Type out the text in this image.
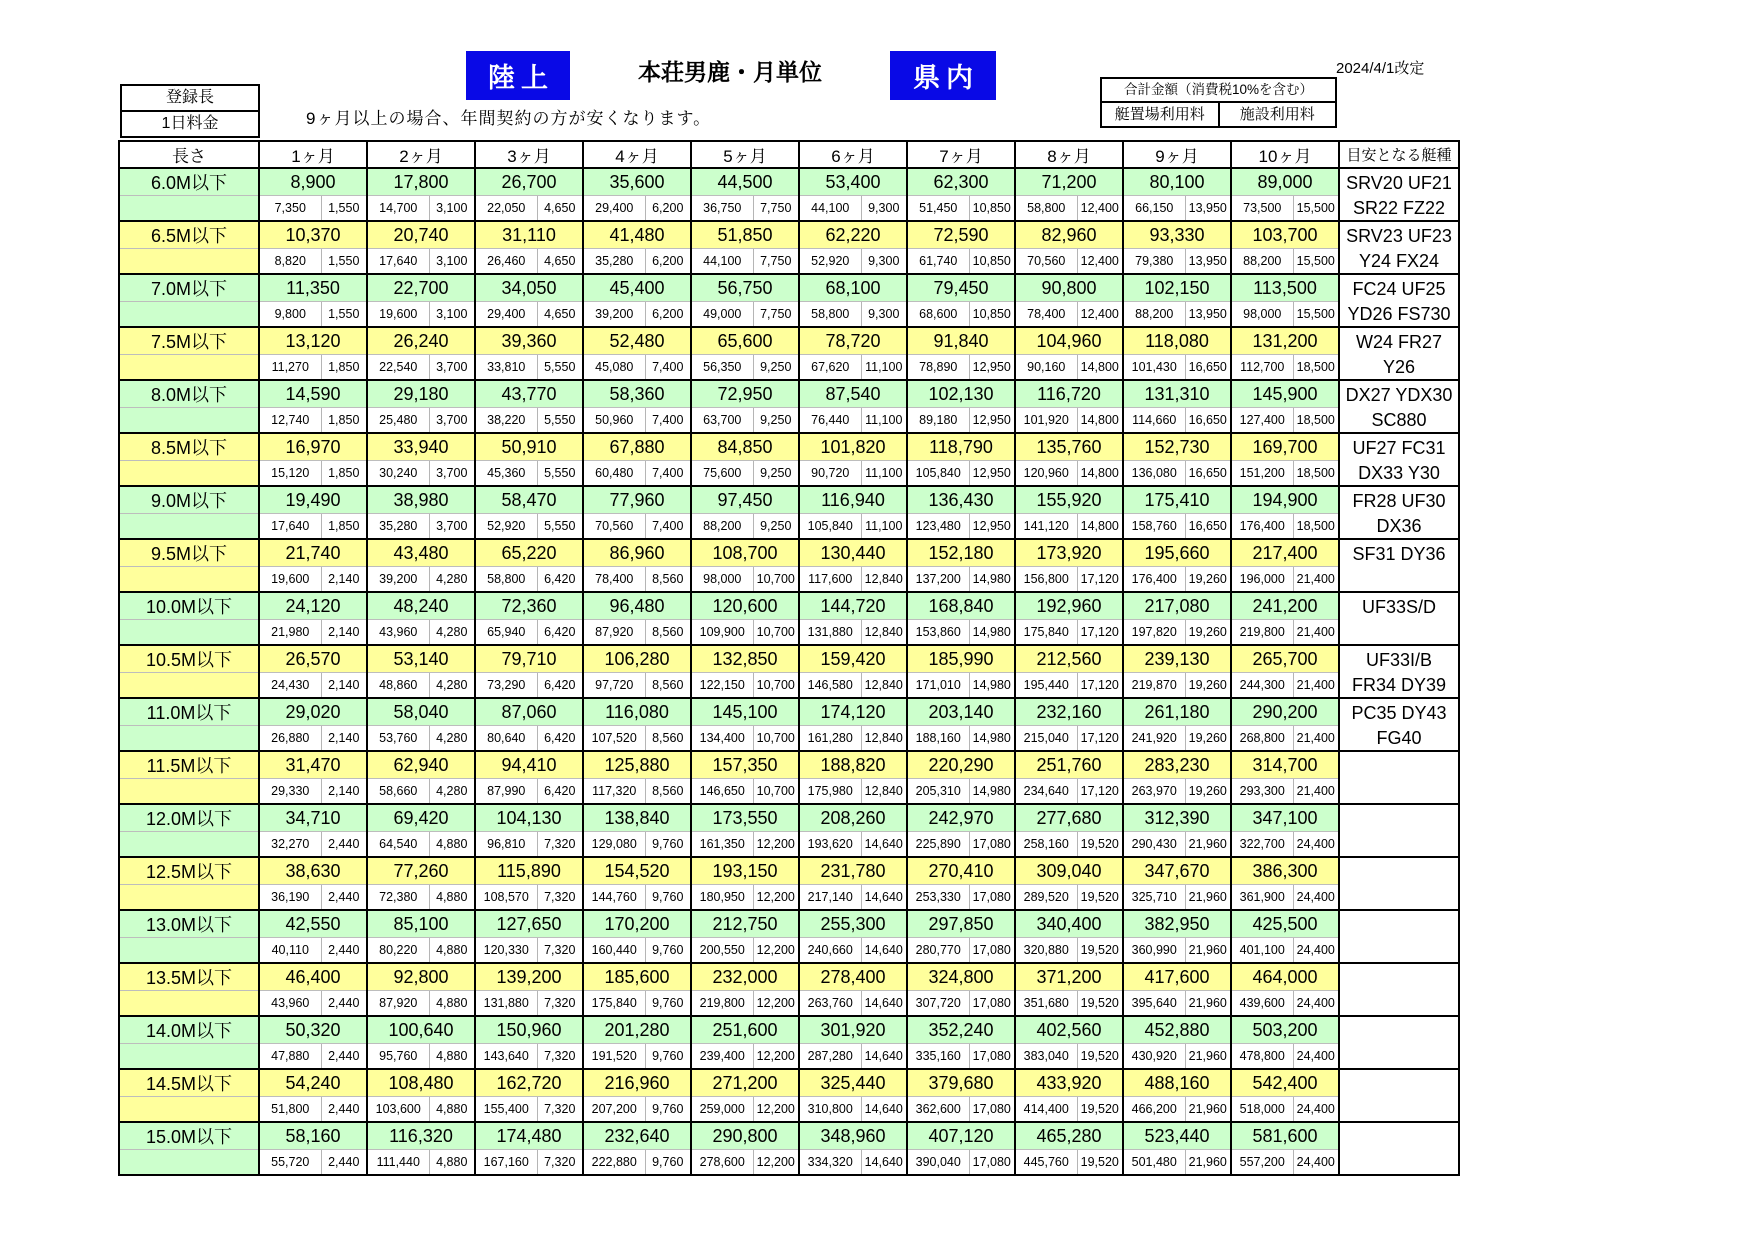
登録長
1日料金
陸上	本荘男鹿・月単位	県内
9ヶ月以上の場合、年間契約の方が安くなります。
2024/4/1改定
合計金額（消費税10%を含む）
艇置場利用料	施設利用料
長さ	1ヶ月		2ヶ月		3ヶ月		4ヶ月		5ヶ月		6ヶ月		7ヶ月		8ヶ月		9ヶ月		10ヶ月		目安となる艇種
6.0M以下	8,900		17,800		26,700		35,600		44,500		53,400		62,300		71,200		80,100		89,000		SRV20 UF21
SR22 FZ22

	7,350	1,550	14,700	3,100	22,050	4,650	29,400	6,200	36,750	7,750	44,100	9,300	51,450	10,850	58,800	12,400	66,150	13,950	73,500	15,500	
6.5M以下	10,370		20,740		31,110		41,480		51,850		62,220		72,590		82,960		93,330		103,700		SRV23 UF23
Y24 FX24

	8,820	1,550	17,640	3,100	26,460	4,650	35,280	6,200	44,100	7,750	52,920	9,300	61,740	10,850	70,560	12,400	79,380	13,950	88,200	15,500	
7.0M以下	11,350		22,700		34,050		45,400		56,750		68,100		79,450		90,800		102,150		113,500		FC24 UF25
YD26 FS730

	9,800	1,550	19,600	3,100	29,400	4,650	39,200	6,200	49,000	7,750	58,800	9,300	68,600	10,850	78,400	12,400	88,200	13,950	98,000	15,500	
7.5M以下	13,120		26,240		39,360		52,480		65,600		78,720		91,840		104,960		118,080		131,200		W24 FR27
Y26

	11,270	1,850	22,540	3,700	33,810	5,550	45,080	7,400	56,350	9,250	67,620	11,100	78,890	12,950	90,160	14,800	101,430	16,650	112,700	18,500	
8.0M以下	14,590		29,180		43,770		58,360		72,950		87,540		102,130		116,720		131,310		145,900		DX27 YDX30
SC880

	12,740	1,850	25,480	3,700	38,220	5,550	50,960	7,400	63,700	9,250	76,440	11,100	89,180	12,950	101,920	14,800	114,660	16,650	127,400	18,500	
8.5M以下	16,970		33,940		50,910		67,880		84,850		101,820		118,790		135,760		152,730		169,700		UF27 FC31
DX33 Y30

	15,120	1,850	30,240	3,700	45,360	5,550	60,480	7,400	75,600	9,250	90,720	11,100	105,840	12,950	120,960	14,800	136,080	16,650	151,200	18,500	
9.0M以下	19,490		38,980		58,470		77,960		97,450		116,940		136,430		155,920		175,410		194,900		FR28 UF30
DX36

	17,640	1,850	35,280	3,700	52,920	5,550	70,560	7,400	88,200	9,250	105,840	11,100	123,480	12,950	141,120	14,800	158,760	16,650	176,400	18,500	
9.5M以下	21,740		43,480		65,220		86,960		108,700		130,440		152,180		173,920		195,660		217,400		SF31 DY36

	19,600	2,140	39,200	4,280	58,800	6,420	78,400	8,560	98,000	10,700	117,600	12,840	137,200	14,980	156,800	17,120	176,400	19,260	196,000	21,400	
10.0M以下	24,120		48,240		72,360		96,480		120,600		144,720		168,840		192,960		217,080		241,200		UF33S/D

	21,980	2,140	43,960	4,280	65,940	6,420	87,920	8,560	109,900	10,700	131,880	12,840	153,860	14,980	175,840	17,120	197,820	19,260	219,800	21,400	
10.5M以下	26,570		53,140		79,710		106,280		132,850		159,420		185,990		212,560		239,130		265,700		UF33I/B
FR34 DY39

	24,430	2,140	48,860	4,280	73,290	6,420	97,720	8,560	122,150	10,700	146,580	12,840	171,010	14,980	195,440	17,120	219,870	19,260	244,300	21,400	
11.0M以下	29,020		58,040		87,060		116,080		145,100		174,120		203,140		232,160		261,180		290,200		PC35 DY43
FG40

	26,880	2,140	53,760	4,280	80,640	6,420	107,520	8,560	134,400	10,700	161,280	12,840	188,160	14,980	215,040	17,120	241,920	19,260	268,800	21,400	
11.5M以下	31,470		62,940		94,410		125,880		157,350		188,820		220,290		251,760		283,230		314,700		

	29,330	2,140	58,660	4,280	87,990	6,420	117,320	8,560	146,650	10,700	175,980	12,840	205,310	14,980	234,640	17,120	263,970	19,260	293,300	21,400	
12.0M以下	34,710		69,420		104,130		138,840		173,550		208,260		242,970		277,680		312,390		347,100		

	32,270	2,440	64,540	4,880	96,810	7,320	129,080	9,760	161,350	12,200	193,620	14,640	225,890	17,080	258,160	19,520	290,430	21,960	322,700	24,400	
12.5M以下	38,630		77,260		115,890		154,520		193,150		231,780		270,410		309,040		347,670		386,300		

	36,190	2,440	72,380	4,880	108,570	7,320	144,760	9,760	180,950	12,200	217,140	14,640	253,330	17,080	289,520	19,520	325,710	21,960	361,900	24,400	
13.0M以下	42,550		85,100		127,650		170,200		212,750		255,300		297,850		340,400		382,950		425,500		

	40,110	2,440	80,220	4,880	120,330	7,320	160,440	9,760	200,550	12,200	240,660	14,640	280,770	17,080	320,880	19,520	360,990	21,960	401,100	24,400	
13.5M以下	46,400		92,800		139,200		185,600		232,000		278,400		324,800		371,200		417,600		464,000		

	43,960	2,440	87,920	4,880	131,880	7,320	175,840	9,760	219,800	12,200	263,760	14,640	307,720	17,080	351,680	19,520	395,640	21,960	439,600	24,400	
14.0M以下	50,320		100,640		150,960		201,280		251,600		301,920		352,240		402,560		452,880		503,200		

	47,880	2,440	95,760	4,880	143,640	7,320	191,520	9,760	239,400	12,200	287,280	14,640	335,160	17,080	383,040	19,520	430,920	21,960	478,800	24,400	
14.5M以下	54,240		108,480		162,720		216,960		271,200		325,440		379,680		433,920		488,160		542,400		

	51,800	2,440	103,600	4,880	155,400	7,320	207,200	9,760	259,000	12,200	310,800	14,640	362,600	17,080	414,400	19,520	466,200	21,960	518,000	24,400	
15.0M以下	58,160		116,320		174,480		232,640		290,800		348,960		407,120		465,280		523,440		581,600		

	55,720	2,440	111,440	4,880	167,160	7,320	222,880	9,760	278,600	12,200	334,320	14,640	390,040	17,080	445,760	19,520	501,480	21,960	557,200	24,400	
